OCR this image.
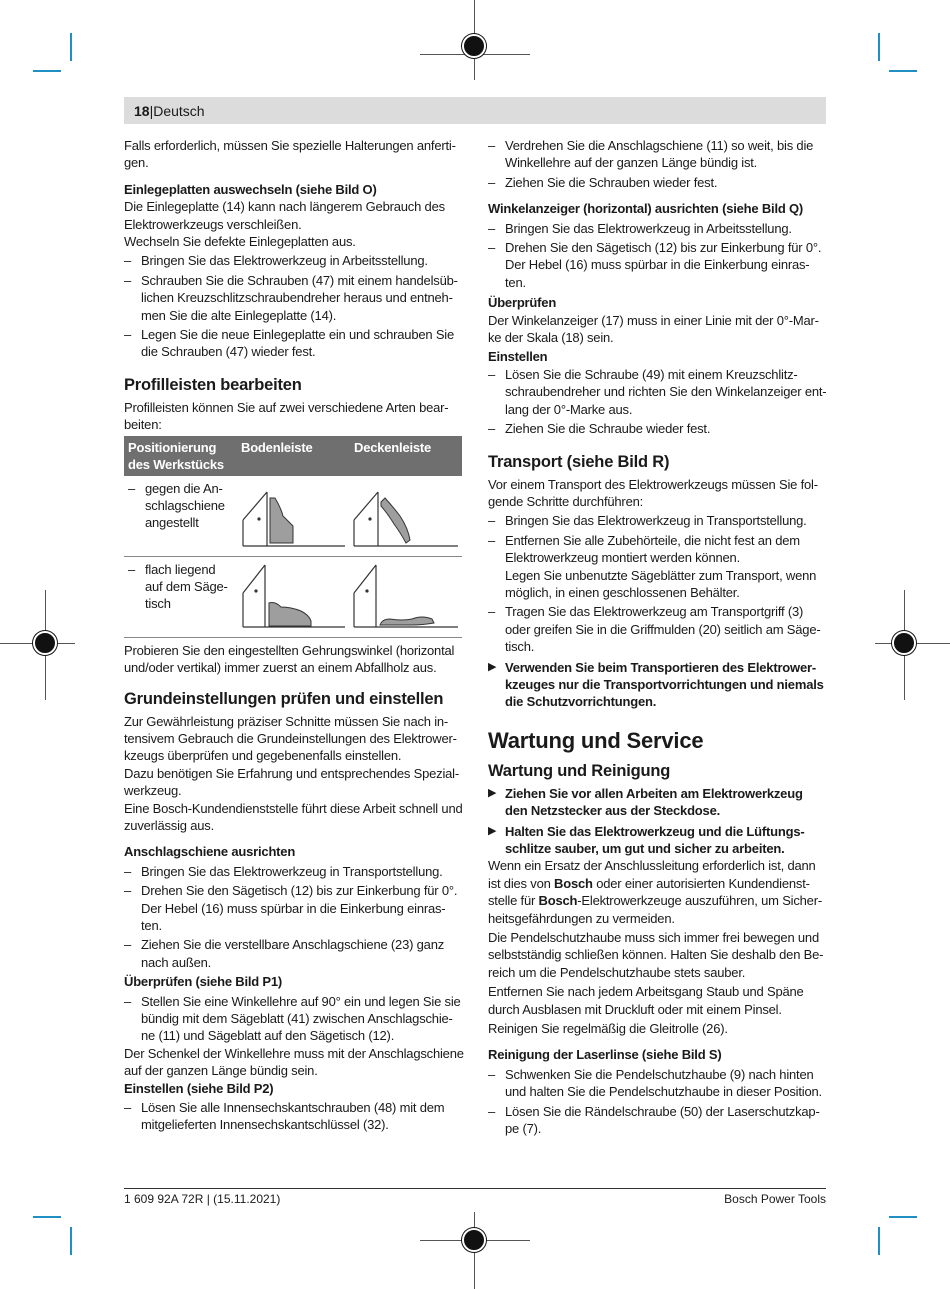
18|Deutsch

Falls erforderlich, müssen Sie spezielle Halterungen anferti-gen.

Einlegeplatten auswechseln (siehe Bild O)

Die Einlegeplatte (14) kann nach längerem Gebrauch des Elektrowerkzeugs verschleißen.

Wechseln Sie defekte Einlegeplatten aus.

– Bringen Sie das Elektrowerkzeug in Arbeitsstellung.
– Schrauben Sie die Schrauben (47) mit einem handelsüb-lichen Kreuzschlitzschraubendreher heraus und entneh-men Sie die alte Einlegeplatte (14).
– Legen Sie die neue Einlegeplatte ein und schrauben Sie die Schrauben (47) wieder fest.

Profilleisten bearbeiten

Profilleisten können Sie auf zwei verschiedene Arten bear-beiten:

Positionierung des Werkstücks	Bodenleiste	Deckenleiste

– gegen die An-schlagschiene angestellt

– flach liegend auf dem Säge-tisch

Probieren Sie den eingestellten Gehrungswinkel (horizontal und/oder vertikal) immer zuerst an einem Abfallholz aus.

Grundeinstellungen prüfen und einstellen

Zur Gewährleistung präziser Schnitte müssen Sie nach in-tensivem Gebrauch die Grundeinstellungen des Elektrower-kzeugs überprüfen und gegebenenfalls einstellen.

Dazu benötigen Sie Erfahrung und entsprechendes Spezial-werkzeug.

Eine Bosch-Kundendienststelle führt diese Arbeit schnell und zuverlässig aus.

Anschlagschiene ausrichten

– Bringen Sie das Elektrowerkzeug in Transportstellung.
– Drehen Sie den Sägetisch (12) bis zur Einkerbung für 0°. Der Hebel (16) muss spürbar in die Einkerbung einras-ten.
– Ziehen Sie die verstellbare Anschlagschiene (23) ganz nach außen.

Überprüfen (siehe Bild P1)

– Stellen Sie eine Winkellehre auf 90° ein und legen Sie sie bündig mit dem Sägeblatt (41) zwischen Anschlagschie-ne (11) und Sägeblatt auf den Sägetisch (12).

Der Schenkel der Winkellehre muss mit der Anschlagschiene auf der ganzen Länge bündig sein.

Einstellen (siehe Bild P2)

– Lösen Sie alle Innensechskantschrauben (48) mit dem mitgelieferten Innensechskantschlüssel (32).
– Verdrehen Sie die Anschlagschiene (11) so weit, bis die Winkellehre auf der ganzen Länge bündig ist.
– Ziehen Sie die Schrauben wieder fest.

Winkelanzeiger (horizontal) ausrichten (siehe Bild Q)

– Bringen Sie das Elektrowerkzeug in Arbeitsstellung.
– Drehen Sie den Sägetisch (12) bis zur Einkerbung für 0°. Der Hebel (16) muss spürbar in die Einkerbung einras-ten.

Überprüfen

Der Winkelanzeiger (17) muss in einer Linie mit der 0°-Mar-ke der Skala (18) sein.

Einstellen

– Lösen Sie die Schraube (49) mit einem Kreuzschlitz-schraubendreher und richten Sie den Winkelanzeiger ent-lang der 0°-Marke aus.
– Ziehen Sie die Schraube wieder fest.

Transport (siehe Bild R)

Vor einem Transport des Elektrowerkzeugs müssen Sie fol-gende Schritte durchführen:

– Bringen Sie das Elektrowerkzeug in Transportstellung.
– Entfernen Sie alle Zubehörteile, die nicht fest an dem Elektrowerkzeug montiert werden können.

Legen Sie unbenutzte Sägeblätter zum Transport, wenn möglich, in einen geschlossenen Behälter.

– Tragen Sie das Elektrowerkzeug am Transportgriff (3) oder greifen Sie in die Griffmulden (20) seitlich am Säge-tisch.
▶ Verwenden Sie beim Transportieren des Elektrower-kzeuges nur die Transportvorrichtungen und niemals die Schutzvorrichtungen.

Wartung und Service

Wartung und Reinigung

▶ Ziehen Sie vor allen Arbeiten am Elektrowerkzeug den Netzstecker aus der Steckdose.
▶ Halten Sie das Elektrowerkzeug und die Lüftungs-schlitze sauber, um gut und sicher zu arbeiten.

Wenn ein Ersatz der Anschlussleitung erforderlich ist, dann ist dies von Bosch oder einer autorisierten Kundendienst-stelle für Bosch-Elektrowerkzeuge auszuführen, um Sicher-heitsgefährdungen zu vermeiden.

Die Pendelschutzhaube muss sich immer frei bewegen und selbstständig schließen können. Halten Sie deshalb den Be-reich um die Pendelschutzhaube stets sauber.

Entfernen Sie nach jedem Arbeitsgang Staub und Späne durch Ausblasen mit Druckluft oder mit einem Pinsel.

Reinigen Sie regelmäßig die Gleitrolle (26).

Reinigung der Laserlinse (siehe Bild S)

– Schwenken Sie die Pendelschutzhaube (9) nach hinten und halten Sie die Pendelschutzhaube in dieser Position.
– Lösen Sie die Rändelschraube (50) der Laserschutzkap-pe (7).
1 609 92A 72R | (15.11.2021)	Bosch Power Tools
